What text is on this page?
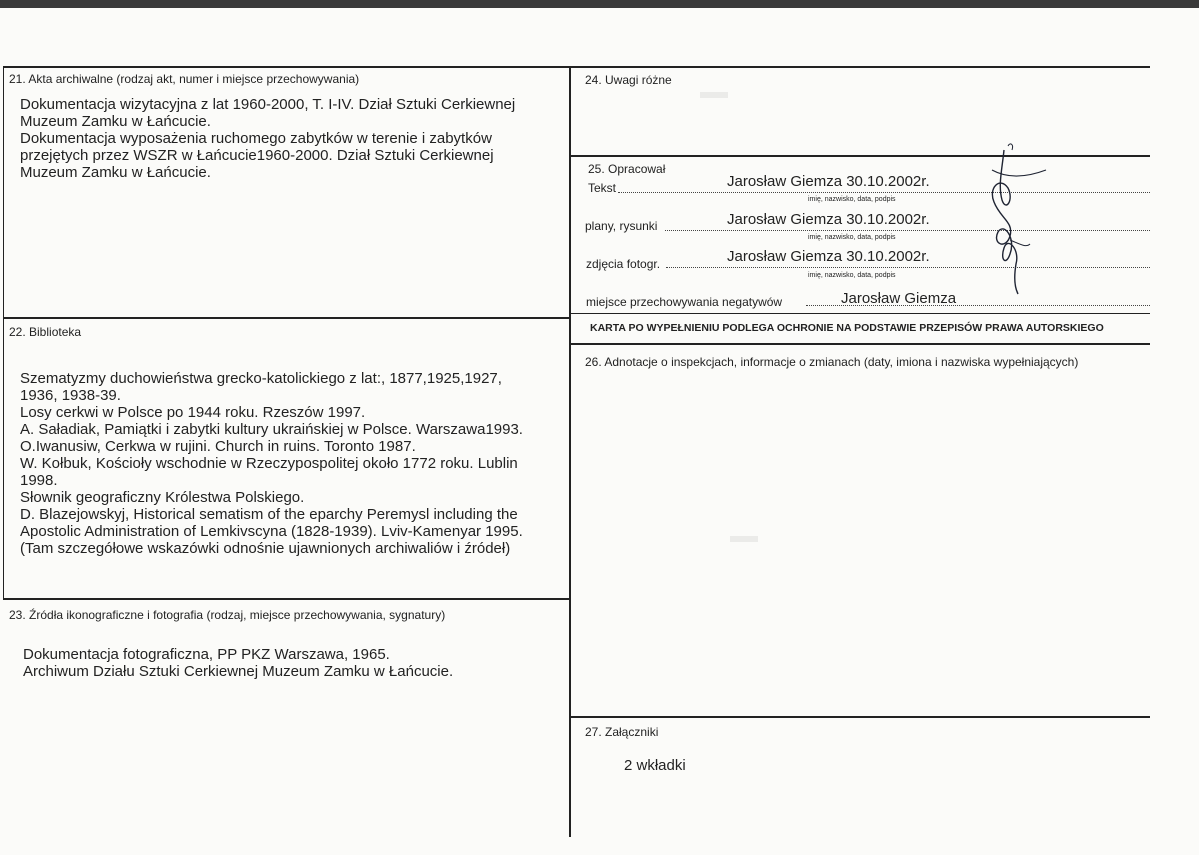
21. Akta archiwalne (rodzaj akt, numer i miejsce przechowywania)
Dokumentacja wizytacyjna z lat 1960-2000, T. I-IV. Dział Sztuki Cerkiewnej
Muzeum Zamku w Łańcucie.
Dokumentacja wyposażenia ruchomego zabytków w terenie i zabytków
przejętych przez WSZR w Łańcucie1960-2000. Dział Sztuki Cerkiewnej
Muzeum Zamku w Łańcucie.
22. Biblioteka
Szematyzmy duchowieństwa grecko-katolickiego z lat:, 1877,1925,1927,
1936, 1938-39.
Losy cerkwi w Polsce po 1944 roku. Rzeszów 1997.
A. Saładiak, Pamiątki i zabytki kultury ukraińskiej w Polsce. Warszawa1993.
O.Iwanusiw, Cerkwa w rujini. Church in ruins. Toronto 1987.
W. Kołbuk, Kościoły wschodnie w Rzeczypospolitej około 1772 roku. Lublin
1998.
Słownik geograficzny Królestwa Polskiego.
D. Blazejowskyj, Historical sematism of the eparchy Peremysl including the
Apostolic Administration of Lemkivscyna (1828-1939). Lviv-Kamenyar 1995.
(Tam szczegółowe wskazówki odnośnie ujawnionych archiwaliów i źródeł)
23. Źródła ikonograficzne i fotografia (rodzaj, miejsce przechowywania, sygnatury)
Dokumentacja fotograficzna, PP PKZ Warszawa, 1965.
Archiwum Działu Sztuki Cerkiewnej Muzeum Zamku w Łańcucie.
24. Uwagi różne
25. Opracował
Tekst	Jarosław Giemza 30.10.2002r.
imię, nazwisko, data, podpis
plany, rysunki	Jarosław Giemza 30.10.2002r.
imię, nazwisko, data, podpis
zdjęcia fotogr.	Jarosław Giemza 30.10.2002r.
imię, nazwisko, data, podpis
miejsce przechowywania negatywów	Jarosław Giemza
KARTA PO WYPEŁNIENIU PODLEGA OCHRONIE NA PODSTAWIE PRZEPISÓW PRAWA AUTORSKIEGO
26. Adnotacje o inspekcjach, informacje o zmianach (daty, imiona i nazwiska wypełniających)
27. Załączniki
2 wkładki
